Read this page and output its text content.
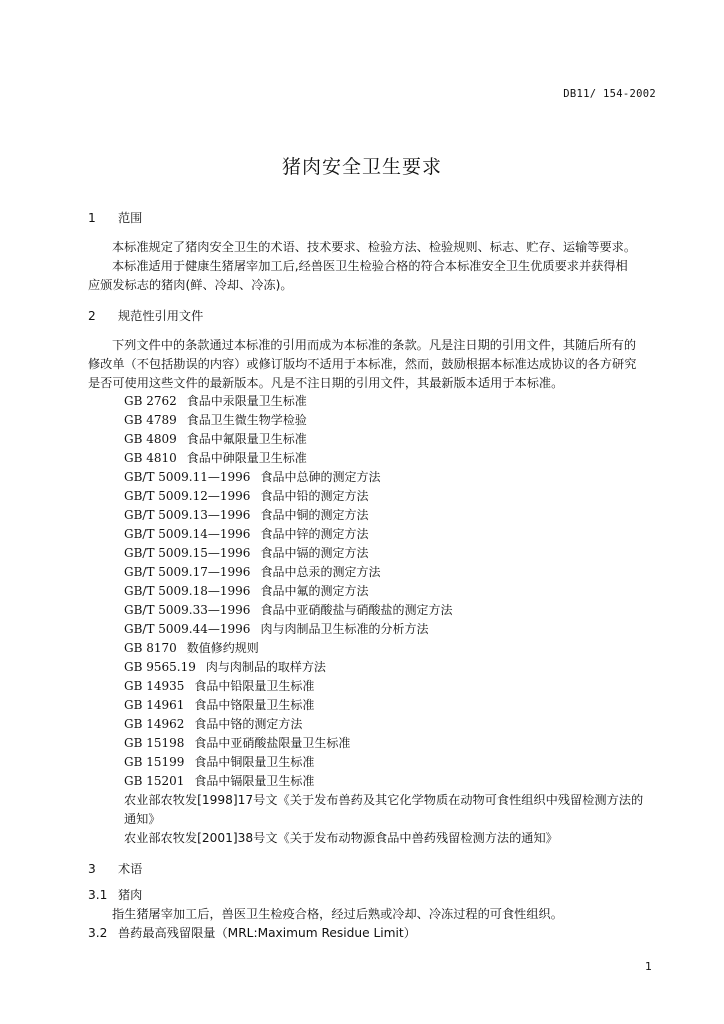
DB11/ 154-2002
猪肉安全卫生要求
1 范围
本标准规定了猪肉安全卫生的术语、技术要求、检验方法、检验规则、标志、贮存、运输等要求。
本标准适用于健康生猪屠宰加工后,经兽医卫生检验合格的符合本标准安全卫生优质要求并获得相
应颁发标志的猪肉(鲜、冷却、冷冻)。
2 规范性引用文件
下列文件中的条款通过本标准的引用而成为本标准的条款。凡是注日期的引用文件，其随后所有的
修改单（不包括勘误的内容）或修订版均不适用于本标准，然而，鼓励根据本标准达成协议的各方研究
是否可使用这些文件的最新版本。凡是不注日期的引用文件，其最新版本适用于本标准。
GB 2762 食品中汞限量卫生标准
GB 4789 食品卫生微生物学检验
GB 4809 食品中氟限量卫生标准
GB 4810 食品中砷限量卫生标准
GB/T 5009.11—1996 食品中总砷的测定方法
GB/T 5009.12—1996 食品中铅的测定方法
GB/T 5009.13—1996 食品中铜的测定方法
GB/T 5009.14—1996 食品中锌的测定方法
GB/T 5009.15—1996 食品中镉的测定方法
GB/T 5009.17—1996 食品中总汞的测定方法
GB/T 5009.18—1996 食品中氟的测定方法
GB/T 5009.33—1996 食品中亚硝酸盐与硝酸盐的测定方法
GB/T 5009.44—1996 肉与肉制品卫生标准的分析方法
GB 8170 数值修约规则
GB 9565.19 肉与肉制品的取样方法
GB 14935 食品中铅限量卫生标准
GB 14961 食品中铬限量卫生标准
GB 14962 食品中铬的测定方法
GB 15198 食品中亚硝酸盐限量卫生标准
GB 15199 食品中铜限量卫生标准
GB 15201 食品中镉限量卫生标准
农业部农牧发[1998]17号文《关于发布兽药及其它化学物质在动物可食性组织中残留检测方法的
通知》
农业部农牧发[2001]38号文《关于发布动物源食品中兽药残留检测方法的通知》
3 术语
3.1 猪肉
指生猪屠宰加工后，兽医卫生检疫合格，经过后熟或冷却、冷冻过程的可食性组织。
3.2 兽药最高残留限量（MRL:Maximum Residue Limit）
1
